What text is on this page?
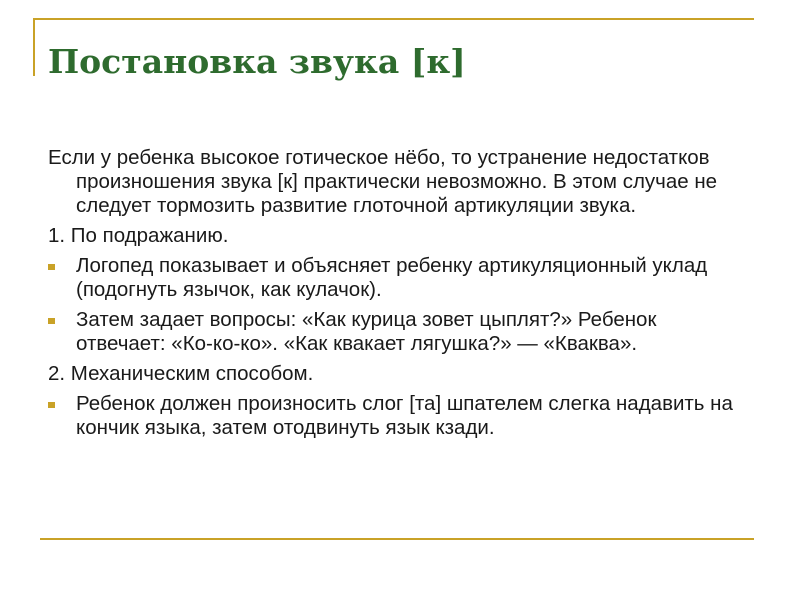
Постановка звука [к]

Если у ребенка высокое готическое нёбо, то устранение недостатков произношения звука [к] практически невозможно. В этом случае не следует тормозить развитие глоточной артикуляции звука.

1. По подражанию.

Логопед показывает и объясняет ребенку артикуляционный уклад (подогнуть язычок, как кулачок).
Затем задает вопросы: «Как курица зовет цыплят?» Ребенок отвечает: «Ко-ко-ко». «Как квакает лягушка?» — «Кваква».

2. Механическим способом.

Ребенок должен произносить слог [та] шпателем слегка надавить на кончик языка, затем отодвинуть язык кзади.
